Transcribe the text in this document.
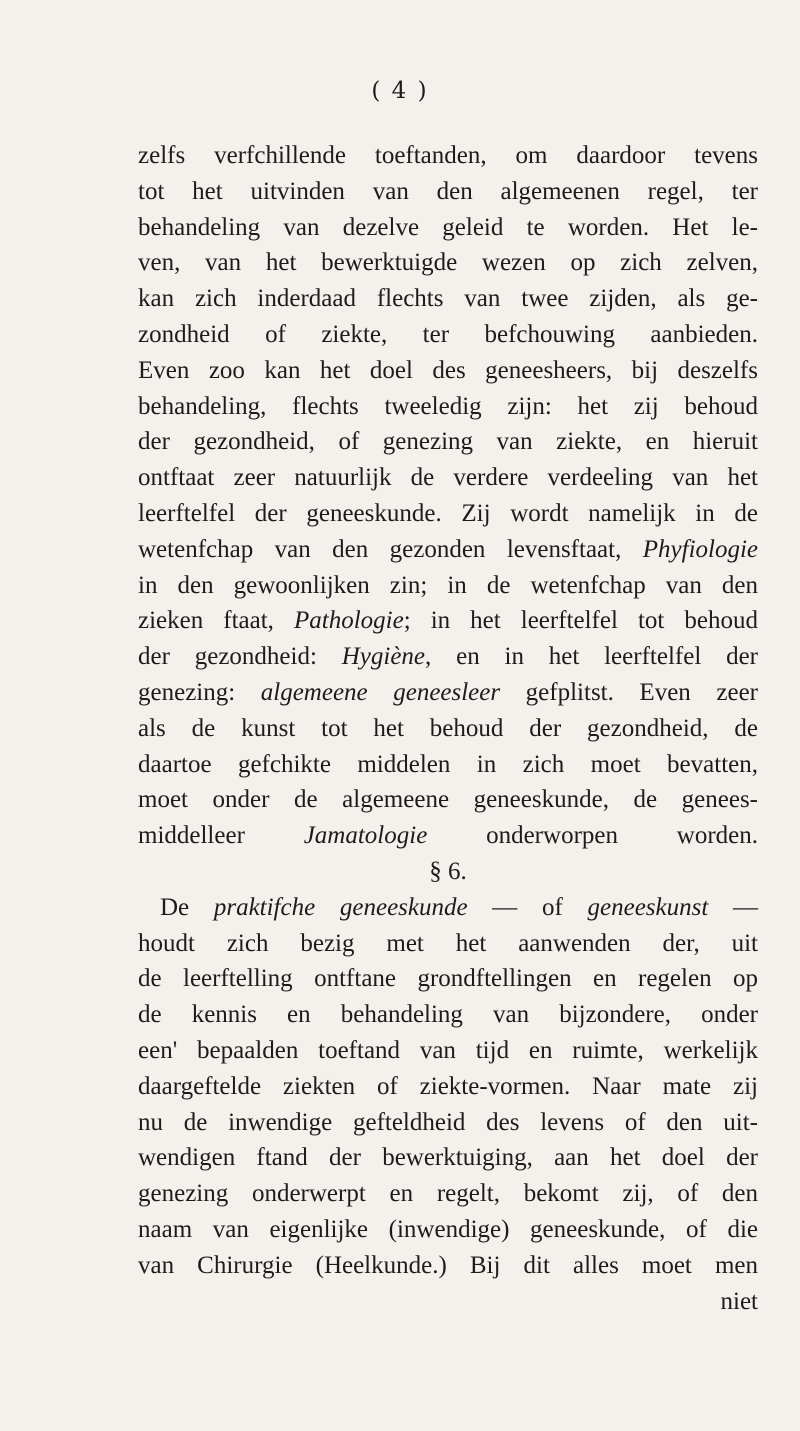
( 4 )
zelfs verfchillende toeftanden, om daardoor tevens
tot het uitvinden van den algemeenen regel, ter
behandeling van dezelve geleid te worden. Het le-
ven, van het bewerktuigde wezen op zich zelven,
kan zich inderdaad flechts van twee zijden, als ge-
zondheid of ziekte, ter befchouwing aanbieden.
Even zoo kan het doel des geneesheers, bij deszelfs
behandeling, flechts tweeledig zijn: het zij behoud
der gezondheid, of genezing van ziekte, en hieruit
ontftaat zeer natuurlijk de verdere verdeeling van het
leerftelfel der geneeskunde. Zij wordt namelijk in de
wetenfchap van den gezonden levensftaat, Phyfiologie
in den gewoonlijken zin; in de wetenfchap van den
zieken ftaat, Pathologie; in het leerftelfel tot behoud
der gezondheid: Hygiène, en in het leerftelfel der
genezing: algemeene geneesleer gefplitst. Even zeer
als de kunst tot het behoud der gezondheid, de
daartoe gefchikte middelen in zich moet bevatten,
moet onder de algemeene geneeskunde, de genees-
middelleer Jamatologie onderworpen worden.
§ 6.
De praktifche geneeskunde — of geneeskunst —
houdt zich bezig met het aanwenden der, uit
de leerftelling ontftane grondftellingen en regelen op
de kennis en behandeling van bijzondere, onder
een' bepaalden toeftand van tijd en ruimte, werkelijk
daargeftelde ziekten of ziekte-vormen. Naar mate zij
nu de inwendige gefteldheid des levens of den uit-
wendigen ftand der bewerktuiging, aan het doel der
genezing onderwerpt en regelt, bekomt zij, of den
naam van eigenlijke (inwendige) geneeskunde, of die
van Chirurgie (Heelkunde.) Bij dit alles moet men
niet
